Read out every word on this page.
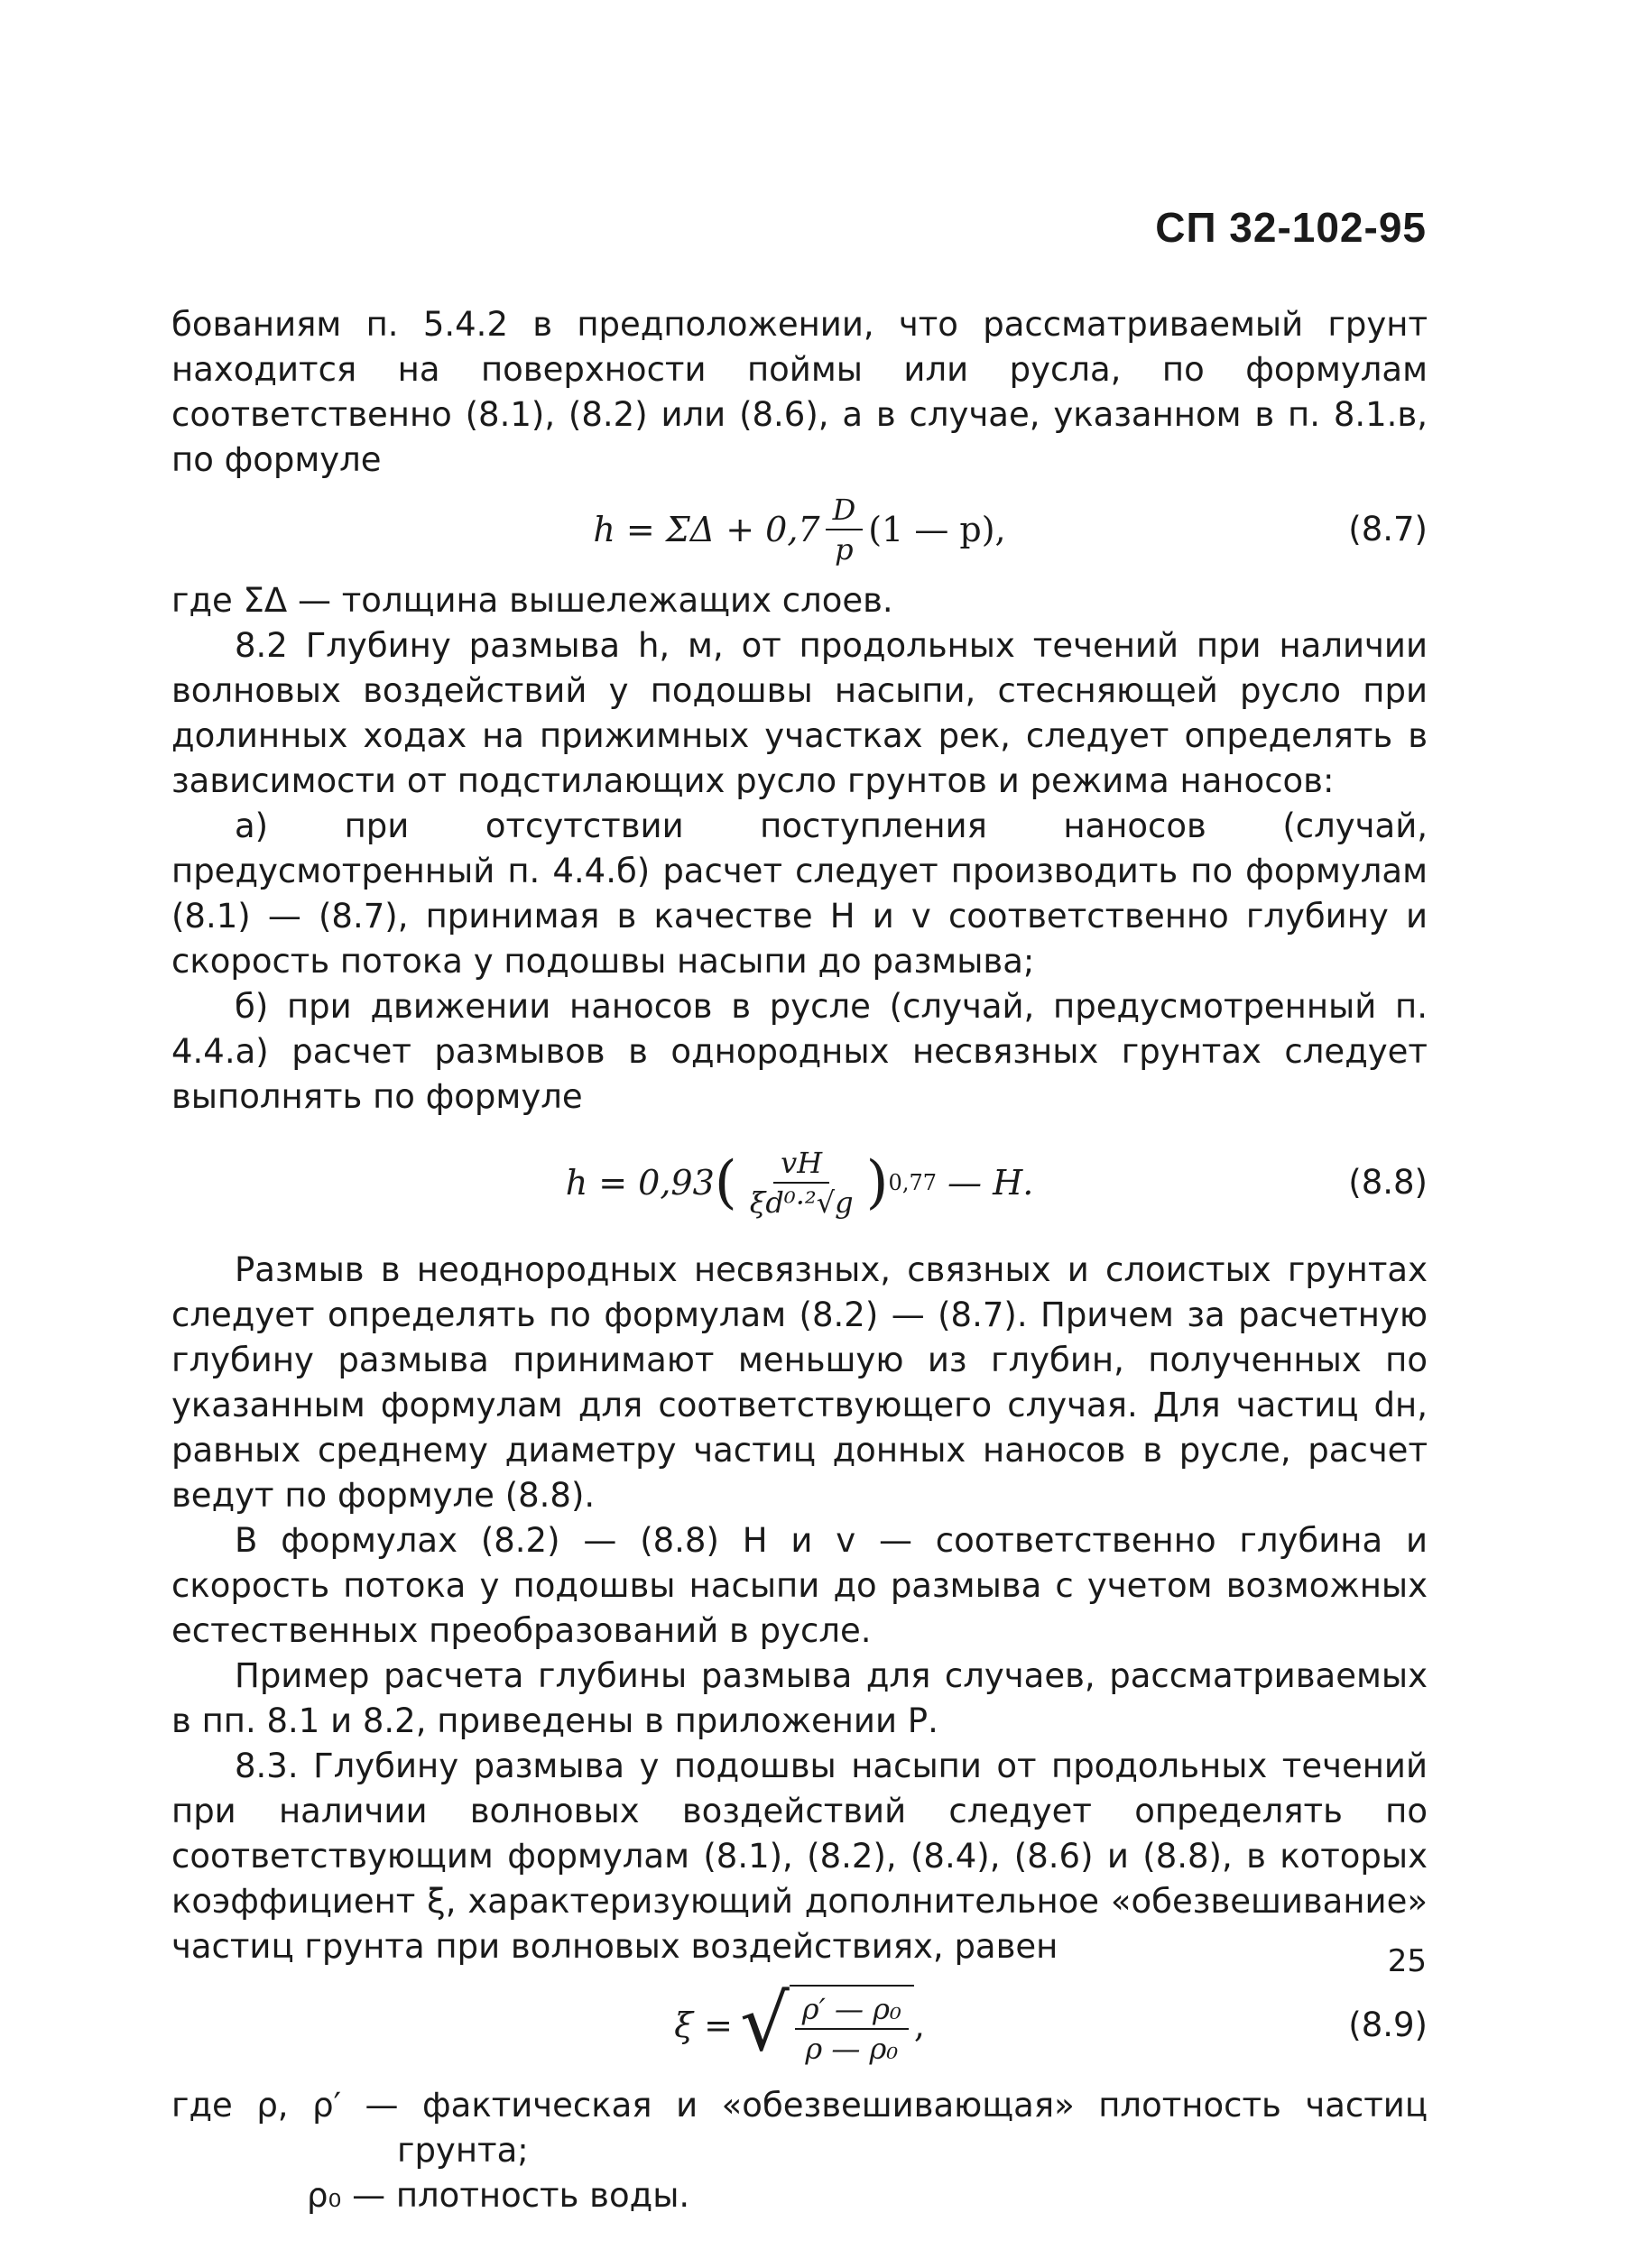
СП 32-102-95

бованиям п. 5.4.2 в предположении, что рассматриваемый грунт находится на поверхности поймы или русла, по формулам соответственно (8.1), (8.2) или (8.6), а в случае, указанном в п. 8.1.в, по формуле

$h = \Sigma\Delta + 0,7 \frac{D}{p} (1$ — p),	(8.7)

где ΣΔ — толщина вышележащих слоев.

8.2 Глубину размыва h, м, от продольных течений при наличии волновых воздействий у подошвы насыпи, стесняющей русло при долинных ходах на прижимных участках рек, следует определять в зависимости от подстилающих русло грунтов и режима наносов:

а) при отсутствии поступления наносов (случай, предусмотренный п. 4.4.б) расчет следует производить по формулам (8.1) — (8.7), принимая в качестве H и v соответственно глубину и скорость потока у подошвы насыпи до размыва;

б) при движении наносов в русле (случай, предусмотренный п. 4.4.а) расчет размывов в однородных несвязных грунтах следует выполнять по формуле

h = 0,93 ( $\frac{vH}{\text{ξd⁰·²√g}}$ ) 0,77 — H.	(8.8)

Размыв в неоднородных несвязных, связных и слоистых грунтах следует определять по формулам (8.2) — (8.7). Причем за расчетную глубину размыва принимают меньшую из глубин, полученных по указанным формулам для соответствующего случая. Для частиц dн, равных среднему диаметру частиц донных наносов в русле, расчет ведут по формуле (8.8).

В формулах (8.2) — (8.8) H и v — соответственно глубина и скорость потока у подошвы насыпи до размыва с учетом возможных естественных преобразований в русле.

Пример расчета глубины размыва для случаев, рассматриваемых в пп. 8.1 и 8.2, приведены в приложении Р.

8.3. Глубину размыва у подошвы насыпи от продольных течений при наличии волновых воздействий следует определять по соответствующим формулам (8.1), (8.2), (8.4), (8.6) и (8.8), в которых коэффициент ξ, характеризующий дополнительное «обезвешивание» частиц грунта при волновых воздействиях, равен

ξ = √ $\frac{\text{ρ′ — ρ₀}}{\text{ρ — ρ₀}}$ ,	(8.9)

где ρ, ρ′ — фактическая и «обезвешивающая» плотность частиц грунта;

ρ₀ — плотность воды.

25
